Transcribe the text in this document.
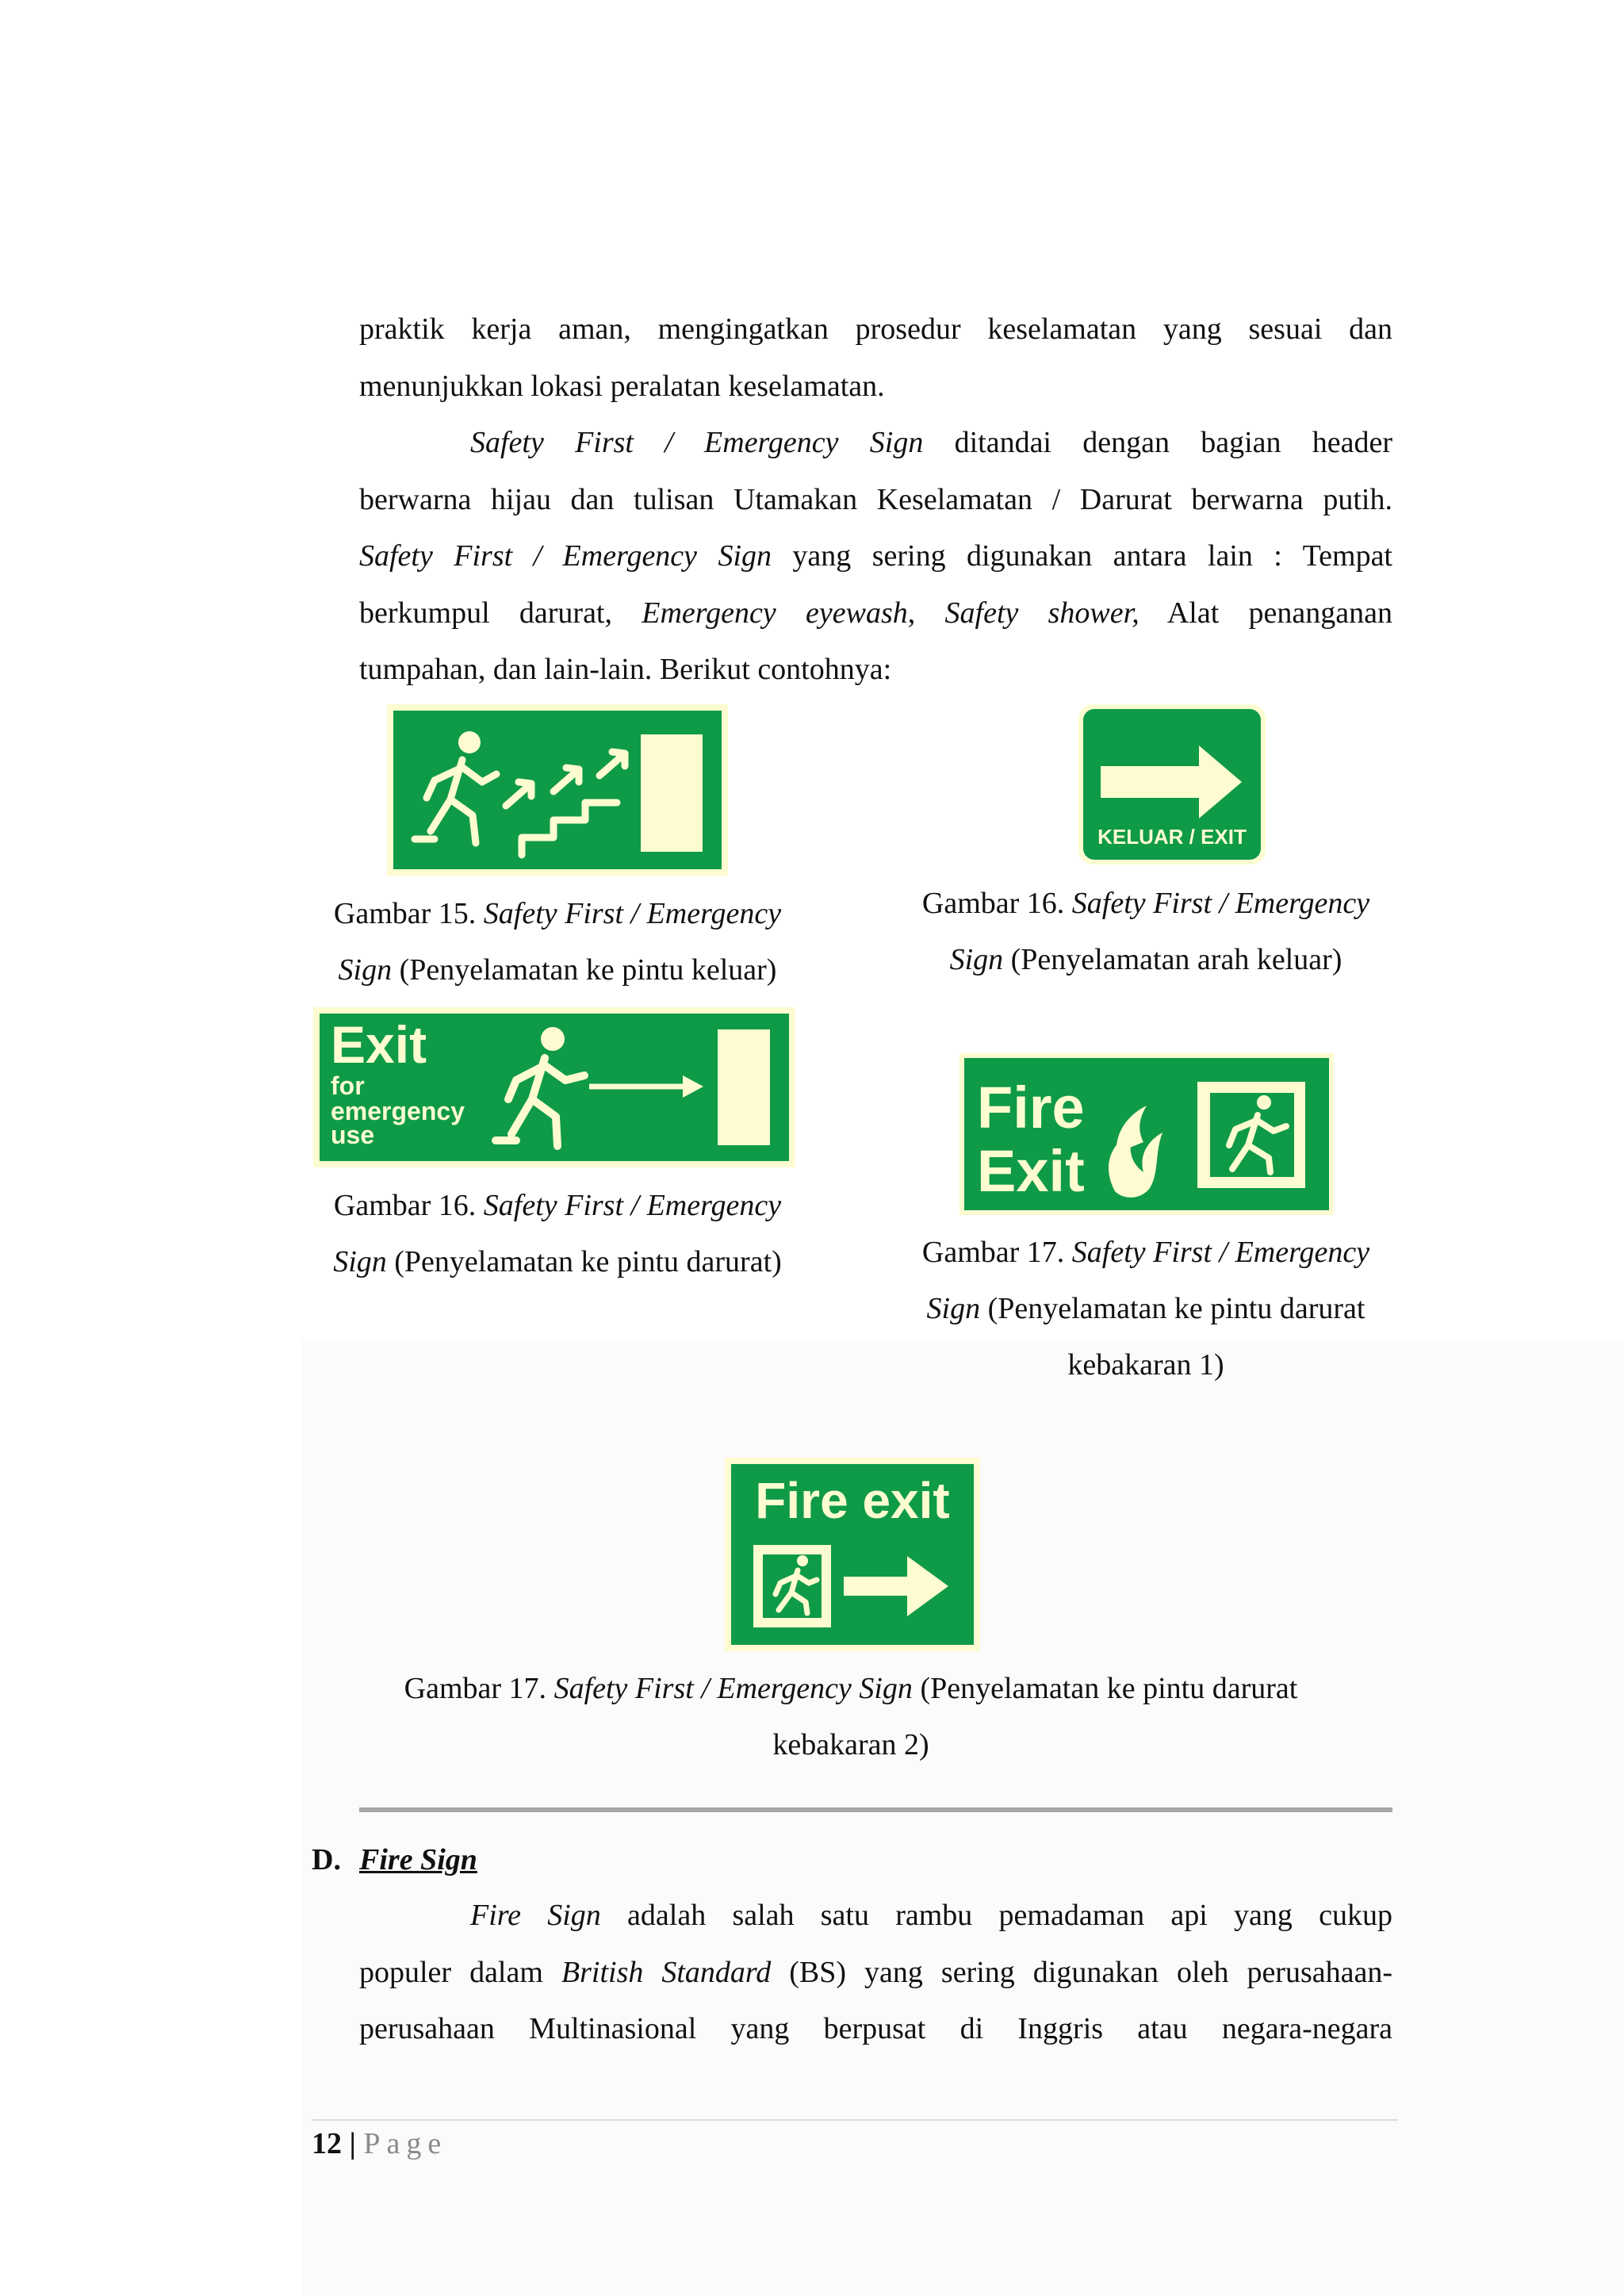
praktik kerja aman, mengingatkan prosedur keselamatan yang sesuai dan
menunjukkan lokasi peralatan keselamatan.
Safety First / Emergency Sign ditandai dengan bagian header
berwarna hijau dan tulisan Utamakan Keselamatan / Darurat berwarna putih.
Safety First / Emergency Sign yang sering digunakan antara lain : Tempat
berkumpul darurat, Emergency eyewash, Safety shower, Alat penanganan
tumpahan, dan lain-lain. Berikut contohnya:
KELUAR / EXIT
Gambar 15. Safety First / Emergency
Sign (Penyelamatan ke pintu keluar)
Gambar 16. Safety First / Emergency
Sign (Penyelamatan arah keluar)
Exit
for
emergency
use	Fire
Exit
Gambar 16. Safety First / Emergency
Sign (Penyelamatan ke pintu darurat)	Gambar 17. Safety First / Emergency
Sign (Penyelamatan ke pintu darurat
kebakaran 1)
Fire exit
Gambar 17. Safety First / Emergency Sign (Penyelamatan ke pintu darurat
kebakaran 2)
D. Fire Sign
Fire Sign adalah salah satu rambu pemadaman api yang cukup
populer dalam British Standard (BS) yang sering digunakan oleh perusahaan-
perusahaan Multinasional yang berpusat di Inggris atau negara-negara
12 | Page
